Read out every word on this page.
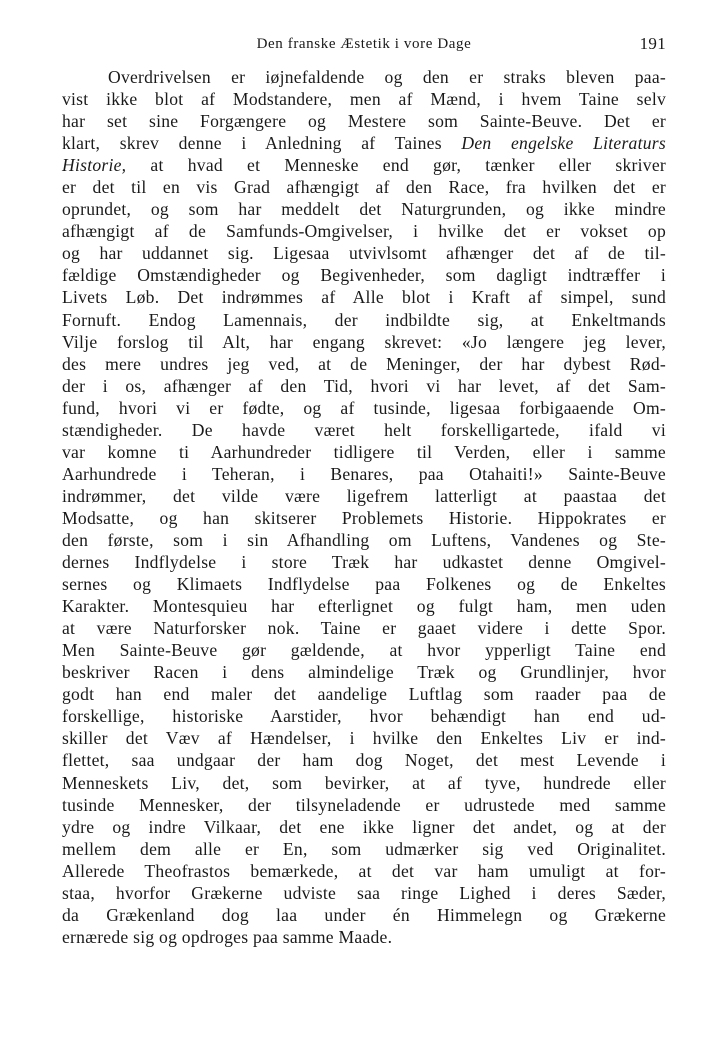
Den franske Æstetik i vore Dage	191
Overdrivelsen er iøjnefaldende og den er straks bleven paa-
vist ikke blot af Modstandere, men af Mænd, i hvem Taine selv
har set sine Forgængere og Mestere som Sainte-Beuve. Det er
klart, skrev denne i Anledning af Taines Den engelske Literaturs
Historie, at hvad et Menneske end gør, tænker eller skriver
er det til en vis Grad afhængigt af den Race, fra hvilken det er
oprundet, og som har meddelt det Naturgrunden, og ikke mindre
afhængigt af de Samfunds-Omgivelser, i hvilke det er vokset op
og har uddannet sig. Ligesaa utvivlsomt afhænger det af de til-
fældige Omstændigheder og Begivenheder, som dagligt indtræffer i
Livets Løb. Det indrømmes af Alle blot i Kraft af simpel, sund
Fornuft. Endog Lamennais, der indbildte sig, at Enkeltmands
Vilje forslog til Alt, har engang skrevet: «Jo længere jeg lever,
des mere undres jeg ved, at de Meninger, der har dybest Rød-
der i os, afhænger af den Tid, hvori vi har levet, af det Sam-
fund, hvori vi er fødte, og af tusinde, ligesaa forbigaaende Om-
stændigheder. De havde været helt forskelligartede, ifald vi
var komne ti Aarhundreder tidligere til Verden, eller i samme
Aarhundrede i Teheran, i Benares, paa Otahaiti!» Sainte-Beuve
indrømmer, det vilde være ligefrem latterligt at paastaa det
Modsatte, og han skitserer Problemets Historie. Hippokrates er
den første, som i sin Afhandling om Luftens, Vandenes og Ste-
dernes Indflydelse i store Træk har udkastet denne Omgivel-
sernes og Klimaets Indflydelse paa Folkenes og de Enkeltes
Karakter. Montesquieu har efterlignet og fulgt ham, men uden
at være Naturforsker nok. Taine er gaaet videre i dette Spor.
Men Sainte-Beuve gør gældende, at hvor ypperligt Taine end
beskriver Racen i dens almindelige Træk og Grundlinjer, hvor
godt han end maler det aandelige Luftlag som raader paa de
forskellige, historiske Aarstider, hvor behændigt han end ud-
skiller det Væv af Hændelser, i hvilke den Enkeltes Liv er ind-
flettet, saa undgaar der ham dog Noget, det mest Levende i
Menneskets Liv, det, som bevirker, at af tyve, hundrede eller
tusinde Mennesker, der tilsyneladende er udrustede med samme
ydre og indre Vilkaar, det ene ikke ligner det andet, og at der
mellem dem alle er En, som udmærker sig ved Originalitet.
Allerede Theofrastos bemærkede, at det var ham umuligt at for-
staa, hvorfor Grækerne udviste saa ringe Lighed i deres Sæder,
da Grækenland dog laa under én Himmelegn og Grækerne
ernærede sig og opdroges paa samme Maade.
